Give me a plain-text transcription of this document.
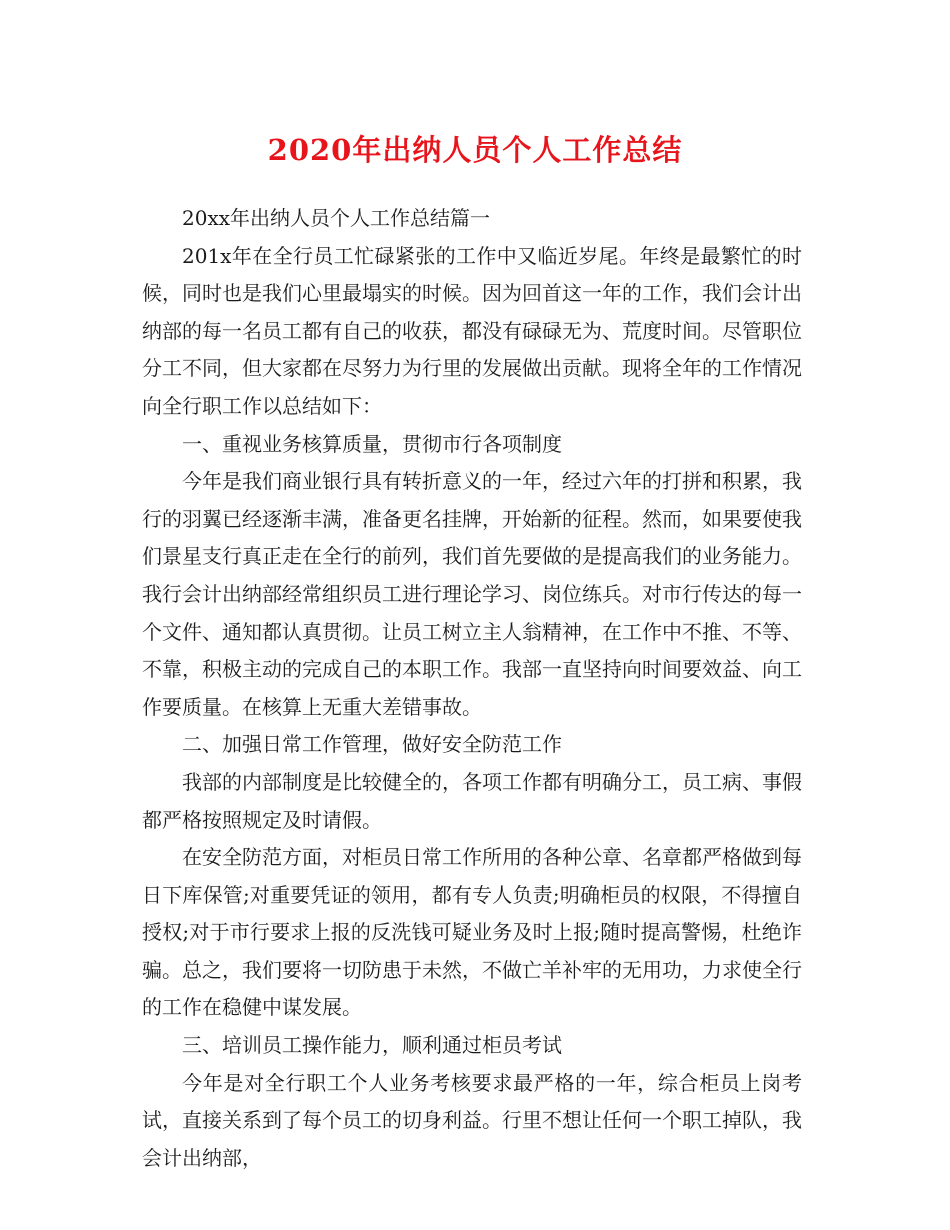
2020年出纳人员个人工作总结

20xx年出纳人员个人工作总结篇一

201x年在全行员工忙碌紧张的工作中又临近岁尾。年终是最繁忙的时候，同时也是我们心里最塌实的时候。因为回首这一年的工作，我们会计出纳部的每一名员工都有自己的收获，都没有碌碌无为、荒度时间。尽管职位分工不同，但大家都在尽努力为行里的发展做出贡献。现将全年的工作情况向全行职工作以总结如下：

一、重视业务核算质量，贯彻市行各项制度

今年是我们商业银行具有转折意义的一年，经过六年的打拼和积累，我行的羽翼已经逐渐丰满，准备更名挂牌，开始新的征程。然而，如果要使我们景星支行真正走在全行的前列，我们首先要做的是提高我们的业务能力。我行会计出纳部经常组织员工进行理论学习、岗位练兵。对市行传达的每一个文件、通知都认真贯彻。让员工树立主人翁精神，在工作中不推、不等、不靠，积极主动的完成自己的本职工作。我部一直坚持向时间要效益、向工作要质量。在核算上无重大差错事故。

二、加强日常工作管理，做好安全防范工作

我部的内部制度是比较健全的，各项工作都有明确分工，员工病、事假都严格按照规定及时请假。

在安全防范方面，对柜员日常工作所用的各种公章、名章都严格做到每日下库保管;对重要凭证的领用，都有专人负责;明确柜员的权限，不得擅自授权;对于市行要求上报的反洗钱可疑业务及时上报;随时提高警惕，杜绝诈骗。总之，我们要将一切防患于未然，不做亡羊补牢的无用功，力求使全行的工作在稳健中谋发展。

三、培训员工操作能力，顺利通过柜员考试

今年是对全行职工个人业务考核要求最严格的一年，综合柜员上岗考试，直接关系到了每个员工的切身利益。行里不想让任何一个职工掉队，我会计出纳部，
